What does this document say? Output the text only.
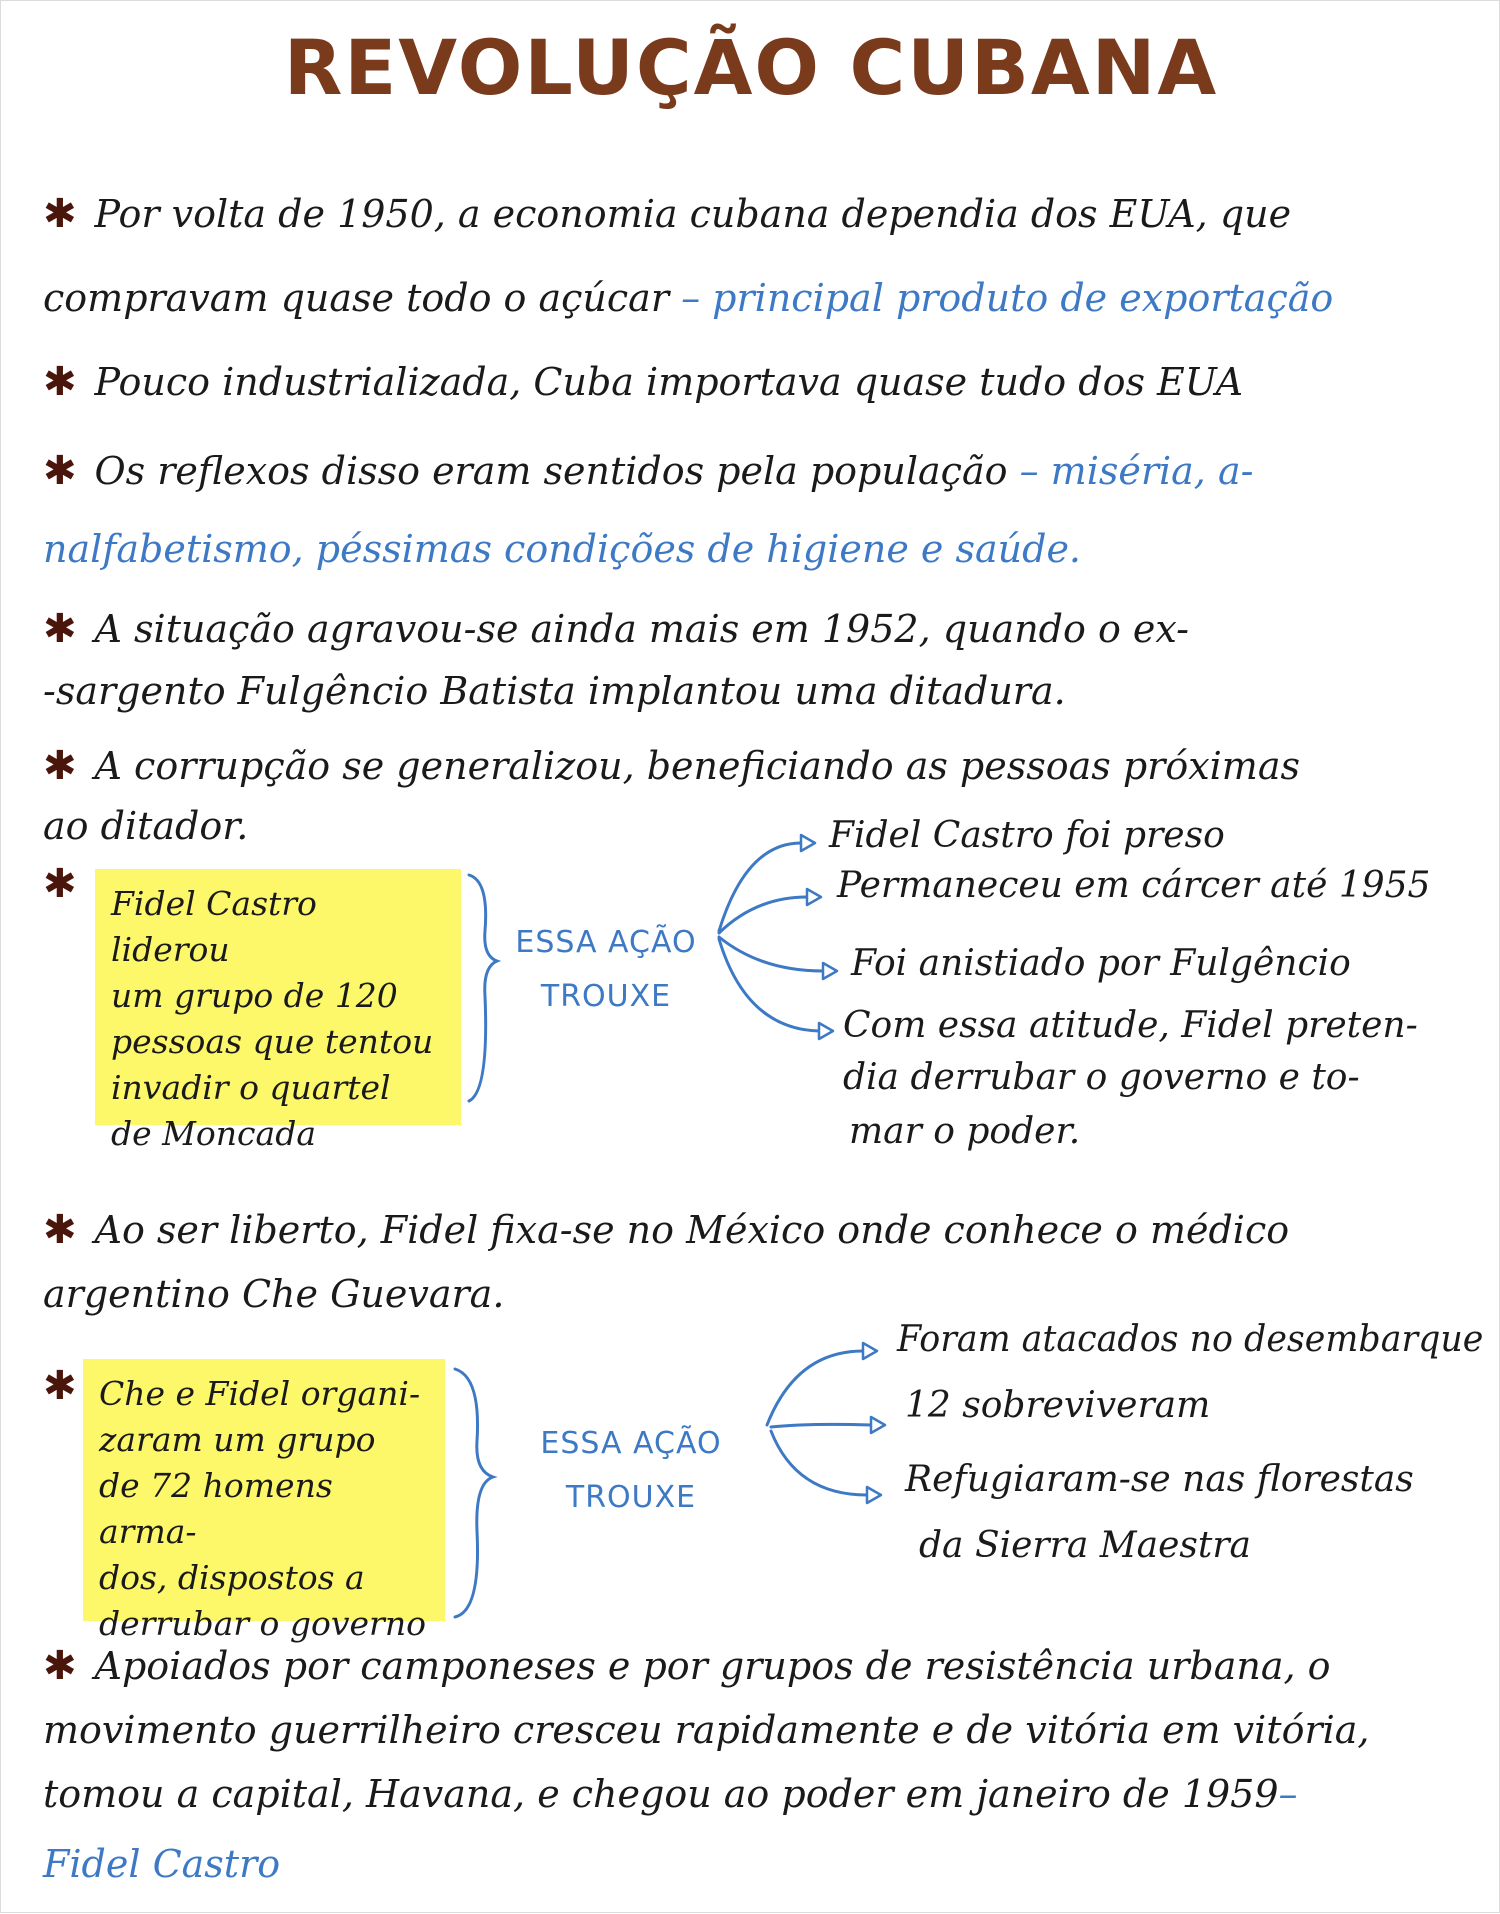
REVOLUÇÃO CUBANA
✱ Por volta de 1950, a economia cubana dependia dos EUA, que
compravam quase todo o açúcar – principal produto de exportação
✱ Pouco industrializada, Cuba importava quase tudo dos EUA
✱ Os reflexos disso eram sentidos pela população – miséria, a-
nalfabetismo, péssimas condições de higiene e saúde.
✱ A situação agravou-se ainda mais em 1952, quando o ex-
-sargento Fulgêncio Batista implantou uma ditadura.
✱ A corrupção se generalizou, beneficiando as pessoas próximas
ao ditador.
✱ Fidel Castro liderou
um grupo de 120
pessoas que tentou
invadir o quartel
de Moncada
ESSA AÇÃO
TROUXE
Fidel Castro foi preso
Permaneceu em cárcer até 1955
Foi anistiado por Fulgêncio
Com essa atitude, Fidel preten-
dia derrubar o governo e to-
mar o poder.
✱ Ao ser liberto, Fidel fixa-se no México onde conhece o médico
argentino Che Guevara.
✱ Che e Fidel organi-
zaram um grupo
de 72 homens arma-
dos, dispostos a
derrubar o governo
ESSA AÇÃO
TROUXE
Foram atacados no desembarque
12 sobreviveram
Refugiaram-se nas florestas
da Sierra Maestra
✱ Apoiados por camponeses e por grupos de resistência urbana, o
movimento guerrilheiro cresceu rapidamente e de vitória em vitória,
tomou a capital, Havana, e chegou ao poder em janeiro de 1959–
Fidel Castro
